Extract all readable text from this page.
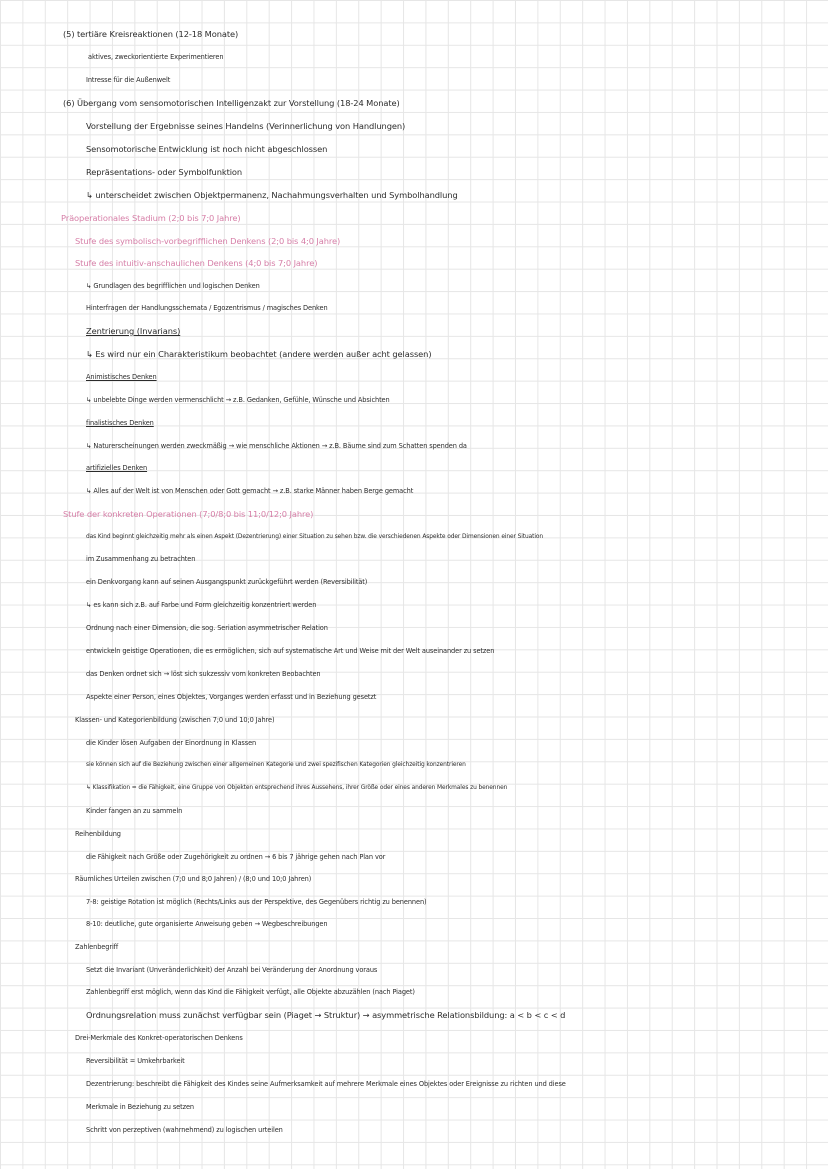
(5) tertiäre Kreisreaktionen (12-18 Monate)
aktives, zweckorientierte Experimentieren
Intresse für die Außenwelt
(6) Übergang vom sensomotorischen Intelligenzakt zur Vorstellung (18-24 Monate)
Vorstellung der Ergebnisse seines Handelns (Verinnerlichung von Handlungen)
Sensomotorische Entwicklung ist noch nicht abgeschlossen
Repräsentations- oder Symbolfunktion
↳ unterscheidet zwischen Objektpermanenz, Nachahmungsverhalten und Symbolhandlung
Präoperationales Stadium (2;0 bis 7;0 Jahre)
Stufe des symbolisch-vorbegrifflichen Denkens (2;0 bis 4;0 Jahre)
Stufe des intuitiv-anschaulichen Denkens (4;0 bis 7;0 Jahre)
↳ Grundlagen des begrifflichen und logischen Denken
Hinterfragen der Handlungsschemata / Egozentrismus / magisches Denken
Zentrierung (Invarians)
↳ Es wird nur ein Charakteristikum beobachtet (andere werden außer acht gelassen)
Animistisches Denken
↳ unbelebte Dinge werden vermenschlicht → z.B. Gedanken, Gefühle, Wünsche und Absichten
finalistisches Denken
↳ Naturerscheinungen werden zweckmäßig → wie menschliche Aktionen → z.B. Bäume sind zum Schatten spenden da
artifizielles Denken
↳ Alles auf der Welt ist von Menschen oder Gott gemacht → z.B. starke Männer haben Berge gemacht
Stufe der konkreten Operationen (7;0/8;0 bis 11;0/12;0 Jahre)
das Kind beginnt gleichzeitig mehr als einen Aspekt (Dezentrierung) einer Situation zu sehen bzw. die verschiedenen Aspekte oder Dimensionen einer Situation
im Zusammenhang zu betrachten
ein Denkvorgang kann auf seinen Ausgangspunkt zurückgeführt werden (Reversibilität)
↳ es kann sich z.B. auf Farbe und Form gleichzeitig konzentriert werden
Ordnung nach einer Dimension, die sog. Seriation asymmetrischer Relation
entwickeln geistige Operationen, die es ermöglichen, sich auf systematische Art und Weise mit der Welt auseinander zu setzen
das Denken ordnet sich → löst sich sukzessiv vom konkreten Beobachten
Aspekte einer Person, eines Objektes, Vorganges werden erfasst und in Beziehung gesetzt
Klassen- und Kategorienbildung (zwischen 7;0 und 10;0 Jahre)
die Kinder lösen Aufgaben der Einordnung in Klassen
sie können sich auf die Beziehung zwischen einer allgemeinen Kategorie und zwei spezifischen Kategorien gleichzeitig konzentrieren
↳ Klassifikation = die Fähigkeit, eine Gruppe von Objekten entsprechend ihres Aussehens, ihrer Größe oder eines anderen Merkmales zu benennen
Kinder fangen an zu sammeln
Reihenbildung
die Fähigkeit nach Größe oder Zugehörigkeit zu ordnen → 6 bis 7 jährige gehen nach Plan vor
Räumliches Urteilen zwischen (7;0 und 8;0 Jahren) / (8;0 und 10;0 Jahren)
7-8: geistige Rotation ist möglich (Rechts/Links aus der Perspektive, des Gegenübers richtig zu benennen)
8-10: deutliche, gute organisierte Anweisung geben → Wegbeschreibungen
Zahlenbegriff
Setzt die Invariant (Unveränderlichkeit) der Anzahl bei Veränderung der Anordnung voraus
Zahlenbegriff erst möglich, wenn das Kind die Fähigkeit verfügt, alle Objekte abzuzählen (nach Piaget)
Ordnungsrelation muss zunächst verfügbar sein (Piaget → Struktur) → asymmetrische Relationsbildung: a < b < c < d
Drei-Merkmale des Konkret-operatorischen Denkens
Reversibilität = Umkehrbarkeit
Dezentrierung: beschreibt die Fähigkeit des Kindes seine Aufmerksamkeit auf mehrere Merkmale eines Objektes oder Ereignisse zu richten und diese
Merkmale in Beziehung zu setzen
Schritt von perzeptiven (wahrnehmend) zu logischen urteilen
